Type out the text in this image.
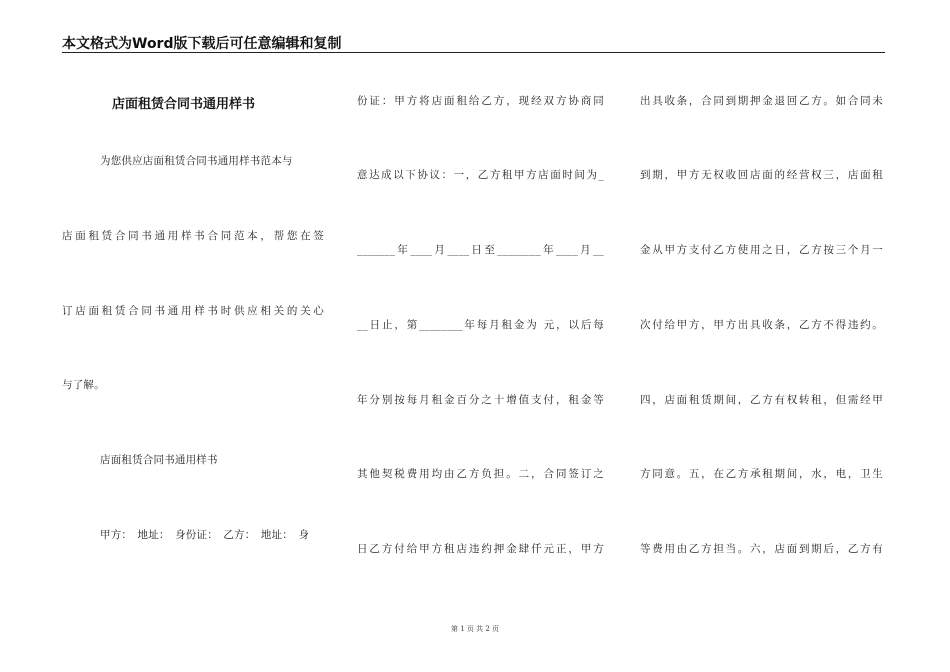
本文格式为Word版下载后可任意编辑和复制
店面租赁合同书通用样书
为您供应店面租赁合同书通用样书范本与
店面租赁合同书通用样书合同范本，帮您在签
订店面租赁合同书通用样书时供应相关的关心
与了解。
店面租赁合同书通用样书
甲方：　地址：　身份证：　乙方：　地址：　身
份证：甲方将店面租给乙方，现经双方协商同
意达成以下协议：一，乙方租甲方店面时间为_
_______年____月____日至________年____月__
__日止，第________年每月租金为 元，以后每
年分别按每月租金百分之十增值支付，租金等
其他契税费用均由乙方负担。二，合同签订之
日乙方付给甲方租店违约押金肆仟元正，甲方
出具收条，合同到期押金退回乙方。如合同未
到期，甲方无权收回店面的经营权三，店面租
金从甲方支付乙方使用之日，乙方按三个月一
次付给甲方，甲方出具收条，乙方不得违约。
四，店面租赁期间，乙方有权转租，但需经甲
方同意。五，在乙方承租期间，水，电，卫生
等费用由乙方担当。六，店面到期后，乙方有
第 1 页 共 2 页
